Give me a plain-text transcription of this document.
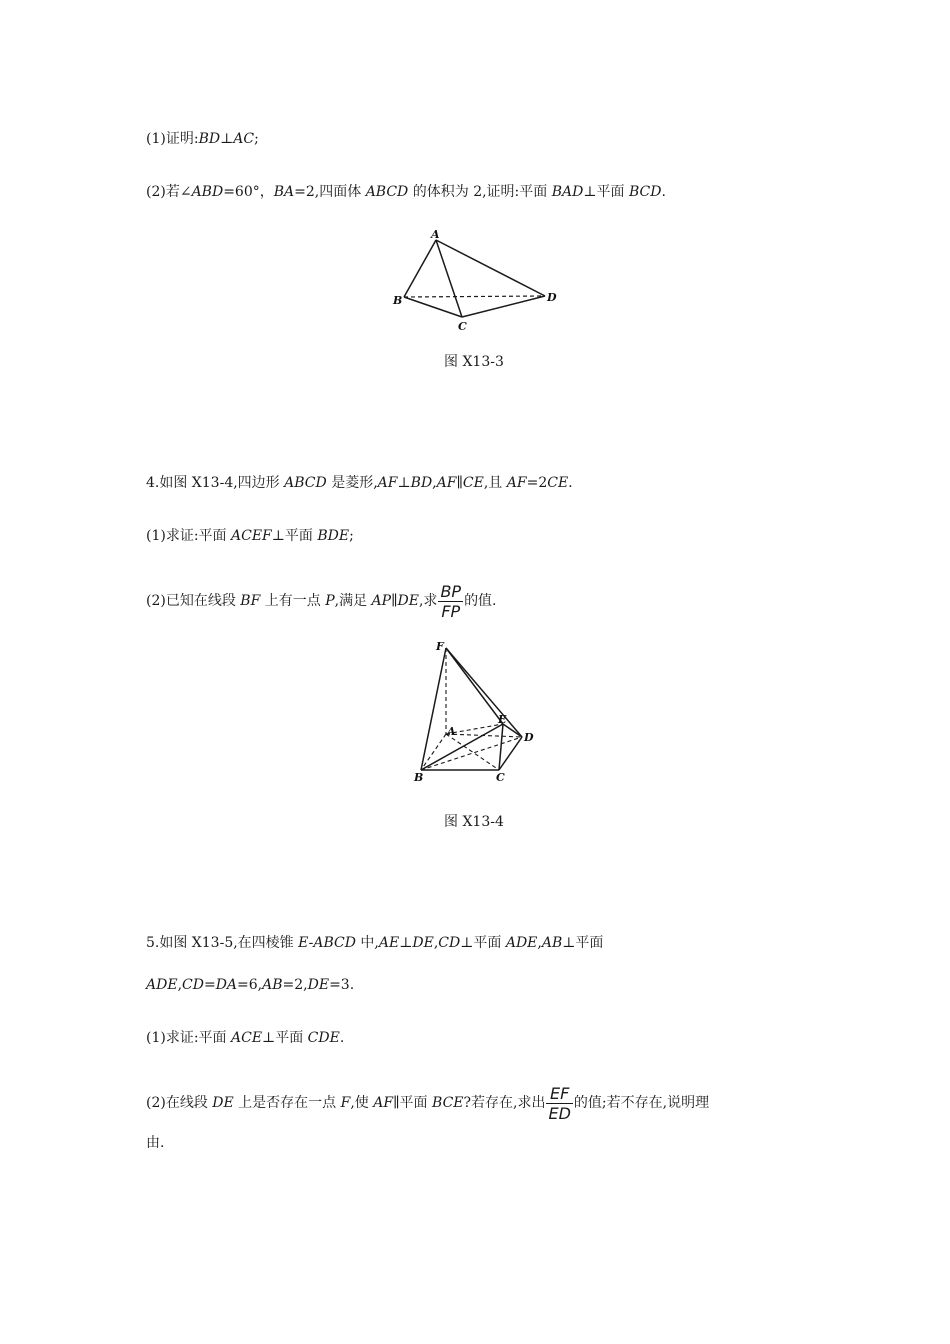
(1)证明:BD⊥AC;
(2)若∠ABD=60°，BA=2,四面体 ABCD 的体积为 2,证明:平面 BAD⊥平面 BCD.
A
B
C
D
图 X13-3
4.如图 X13-4,四边形 ABCD 是菱形,AF⊥BD,AF∥CE,且 AF=2CE.
(1)求证:平面 ACEF⊥平面 BDE;
(2)已知在线段 BF 上有一点 P,满足 AP∥DE,求 $\frac{BP}{FP}$ 的值.
F
A
E
D
B	C
图 X13-4
5.如图 X13-5,在四棱锥 E-ABCD 中,AE⊥DE,CD⊥平面 ADE,AB⊥平面
ADE,CD=DA=6,AB=2,DE=3.
(1)求证:平面 ACE⊥平面 CDE.
(2)在线段 DE 上是否存在一点 F,使 AF∥平面 BCE?若存在,求出 $\frac{EF}{ED}$ 的值;若不存在,说明理
由.
